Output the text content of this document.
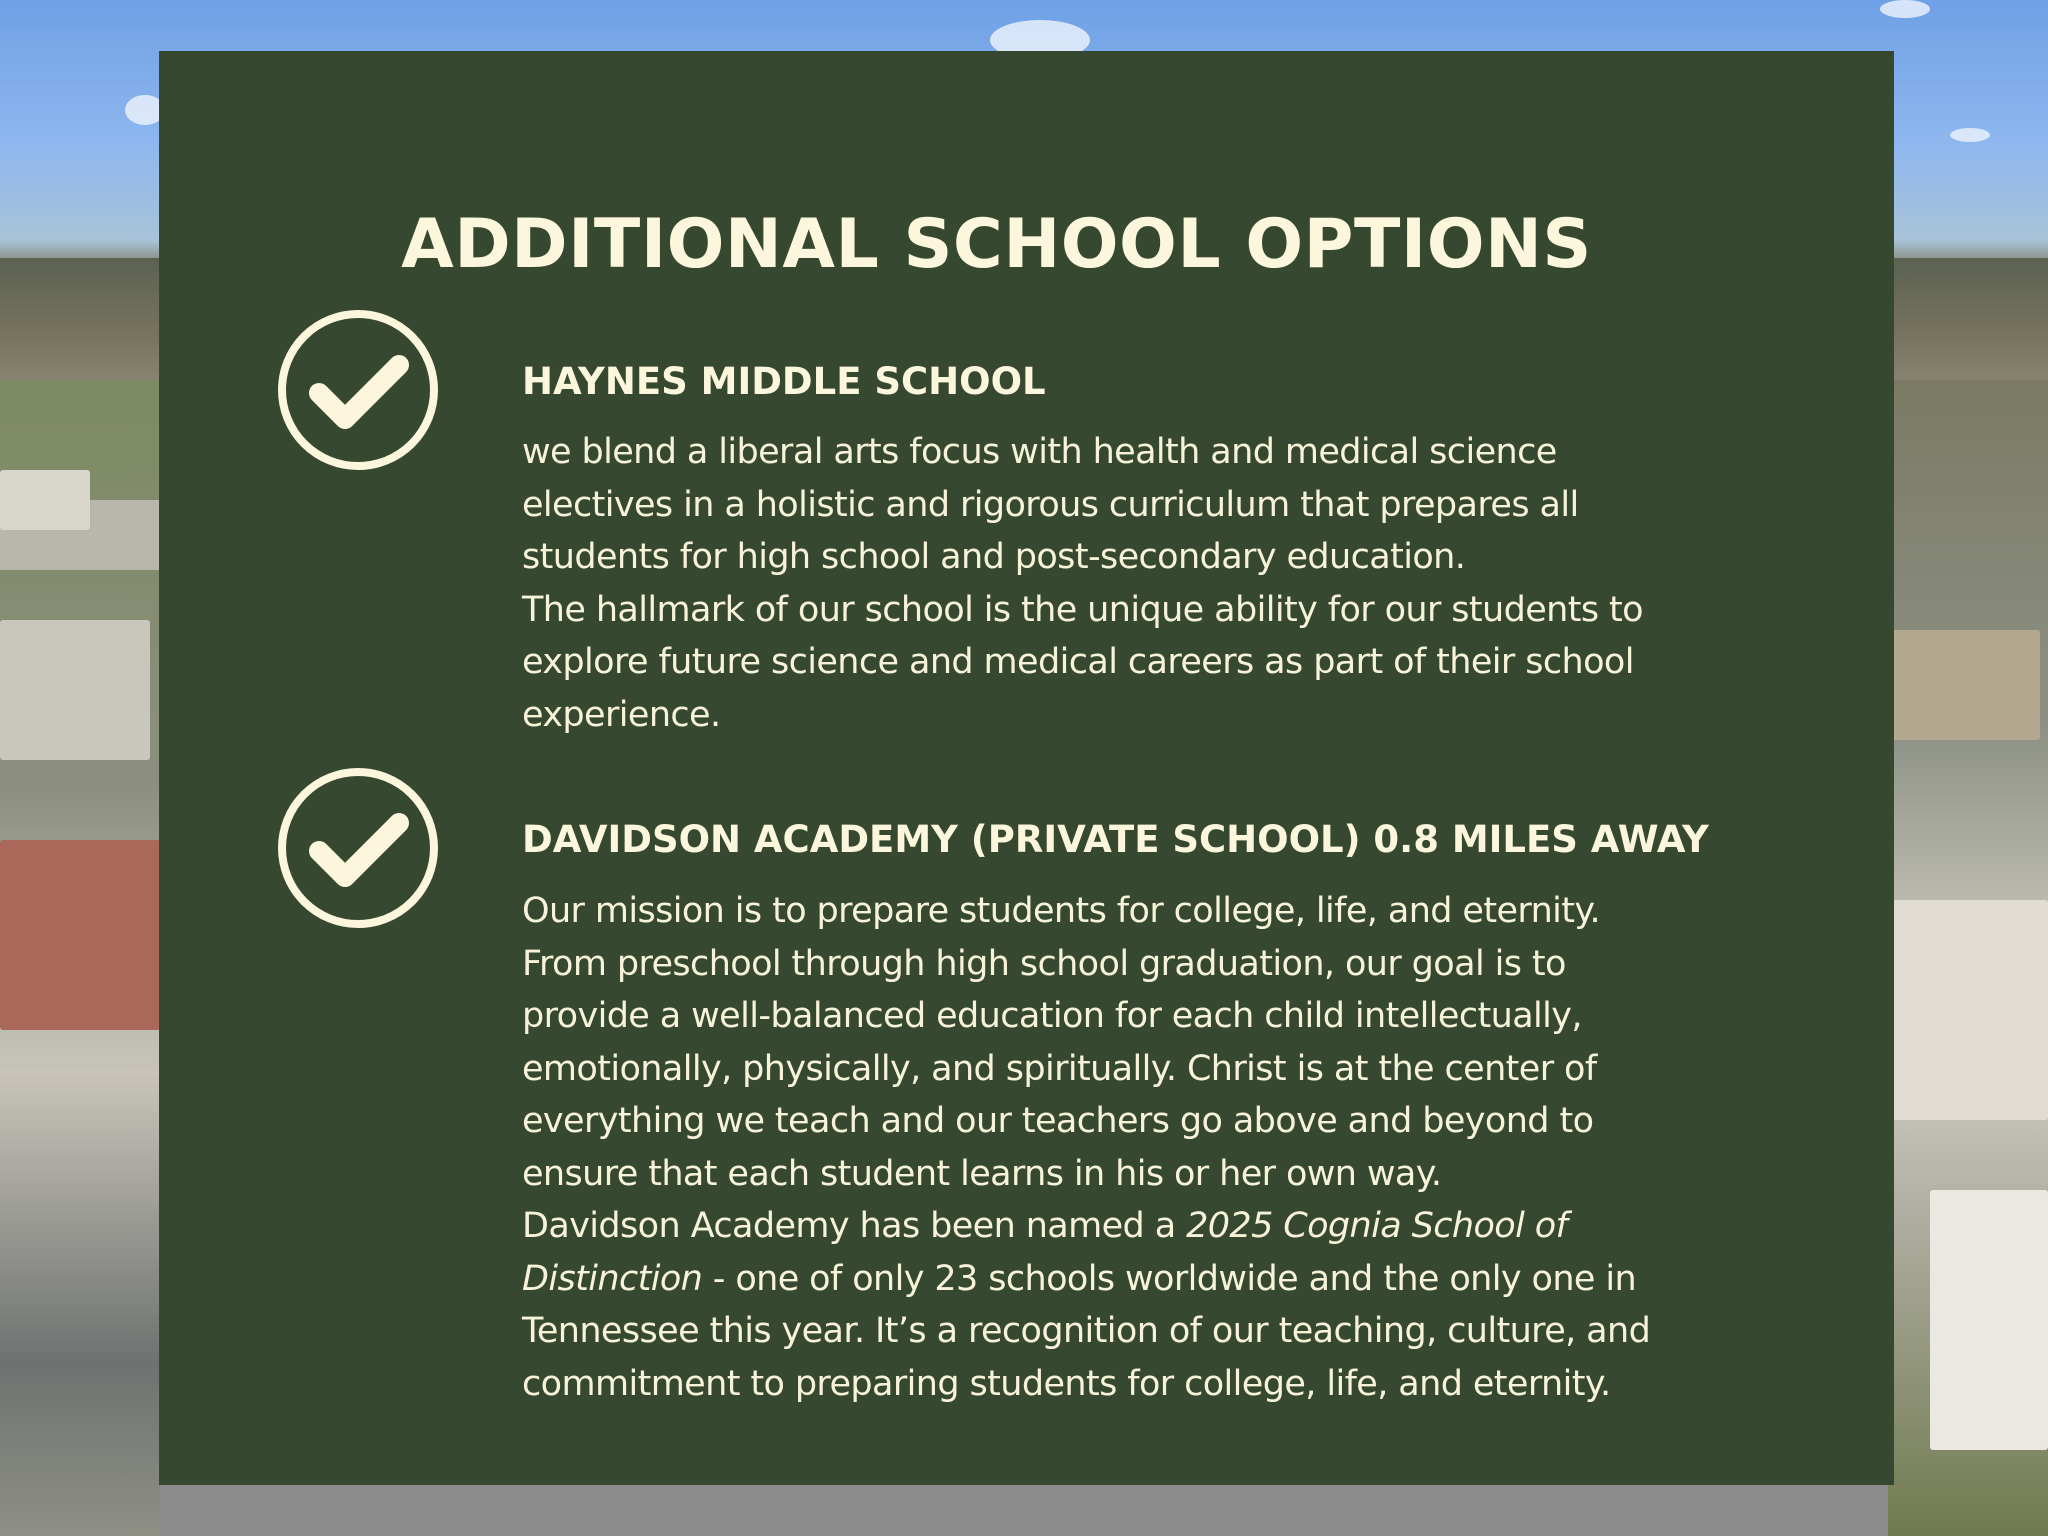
ADDITIONAL SCHOOL OPTIONS
HAYNES MIDDLE SCHOOL
we blend a liberal arts focus with health and medical science
electives in a holistic and rigorous curriculum that prepares all
students for high school and post-secondary education.
The hallmark of our school is the unique ability for our students to
explore future science and medical careers as part of their school
experience.
DAVIDSON ACADEMY (PRIVATE SCHOOL) 0.8 MILES AWAY
Our mission is to prepare students for college, life, and eternity.
From preschool through high school graduation, our goal is to
provide a well-balanced education for each child intellectually,
emotionally, physically, and spiritually. Christ is at the center of
everything we teach and our teachers go above and beyond to
ensure that each student learns in his or her own way.
Davidson Academy has been named a 2025 Cognia School of
Distinction - one of only 23 schools worldwide and the only one in
Tennessee this year. It’s a recognition of our teaching, culture, and
commitment to preparing students for college, life, and eternity.
